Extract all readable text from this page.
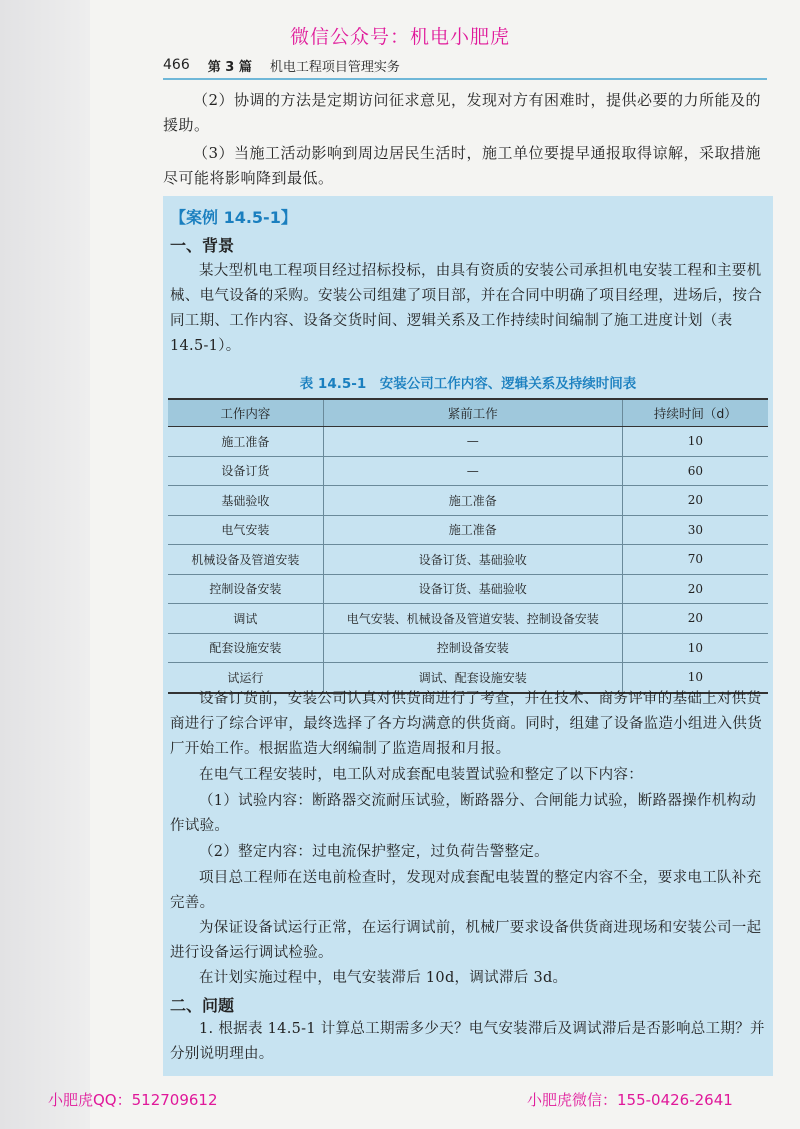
微信公众号：机电小肥虎
466 第 3 篇 机电工程项目管理实务

（2）协调的方法是定期访问征求意见，发现对方有困难时，提供必要的力所能及的援助。

（3）当施工活动影响到周边居民生活时，施工单位要提早通报取得谅解，采取措施尽可能将影响降到最低。

【案例 14.5-1】
一、背景

某大型机电工程项目经过招标投标，由具有资质的安装公司承担机电安装工程和主要机械、电气设备的采购。安装公司组建了项目部，并在合同中明确了项目经理，进场后，按合同工期、工作内容、设备交货时间、逻辑关系及工作持续时间编制了施工进度计划（表 14.5-1）。

表 14.5-1　安装公司工作内容、逻辑关系及持续时间表
工作内容	紧前工作	持续时间（d）
施工准备	—	10
设备订货	—	60
基础验收	施工准备	20
电气安装	施工准备	30
机械设备及管道安装	设备订货、基础验收	70
控制设备安装	设备订货、基础验收	20
调试	电气安装、机械设备及管道安装、控制设备安装	20
配套设施安装	控制设备安装	10
试运行	调试、配套设施安装	10

设备订货前，安装公司认真对供货商进行了考查，并在技术、商务评审的基础上对供货商进行了综合评审，最终选择了各方均满意的供货商。同时，组建了设备监造小组进入供货厂开始工作。根据监造大纲编制了监造周报和月报。

在电气工程安装时，电工队对成套配电装置试验和整定了以下内容：

（1）试验内容：断路器交流耐压试验，断路器分、合闸能力试验，断路器操作机构动作试验。

（2）整定内容：过电流保护整定，过负荷告警整定。

项目总工程师在送电前检查时，发现对成套配电装置的整定内容不全，要求电工队补充完善。

为保证设备试运行正常，在运行调试前，机械厂要求设备供货商进现场和安装公司一起进行设备运行调试检验。

在计划实施过程中，电气安装滞后 10d，调试滞后 3d。

二、问题

1. 根据表 14.5-1 计算总工期需多少天？电气安装滞后及调试滞后是否影响总工期？并分别说明理由。

小肥虎QQ：512709612	小肥虎微信：155-0426-2641
